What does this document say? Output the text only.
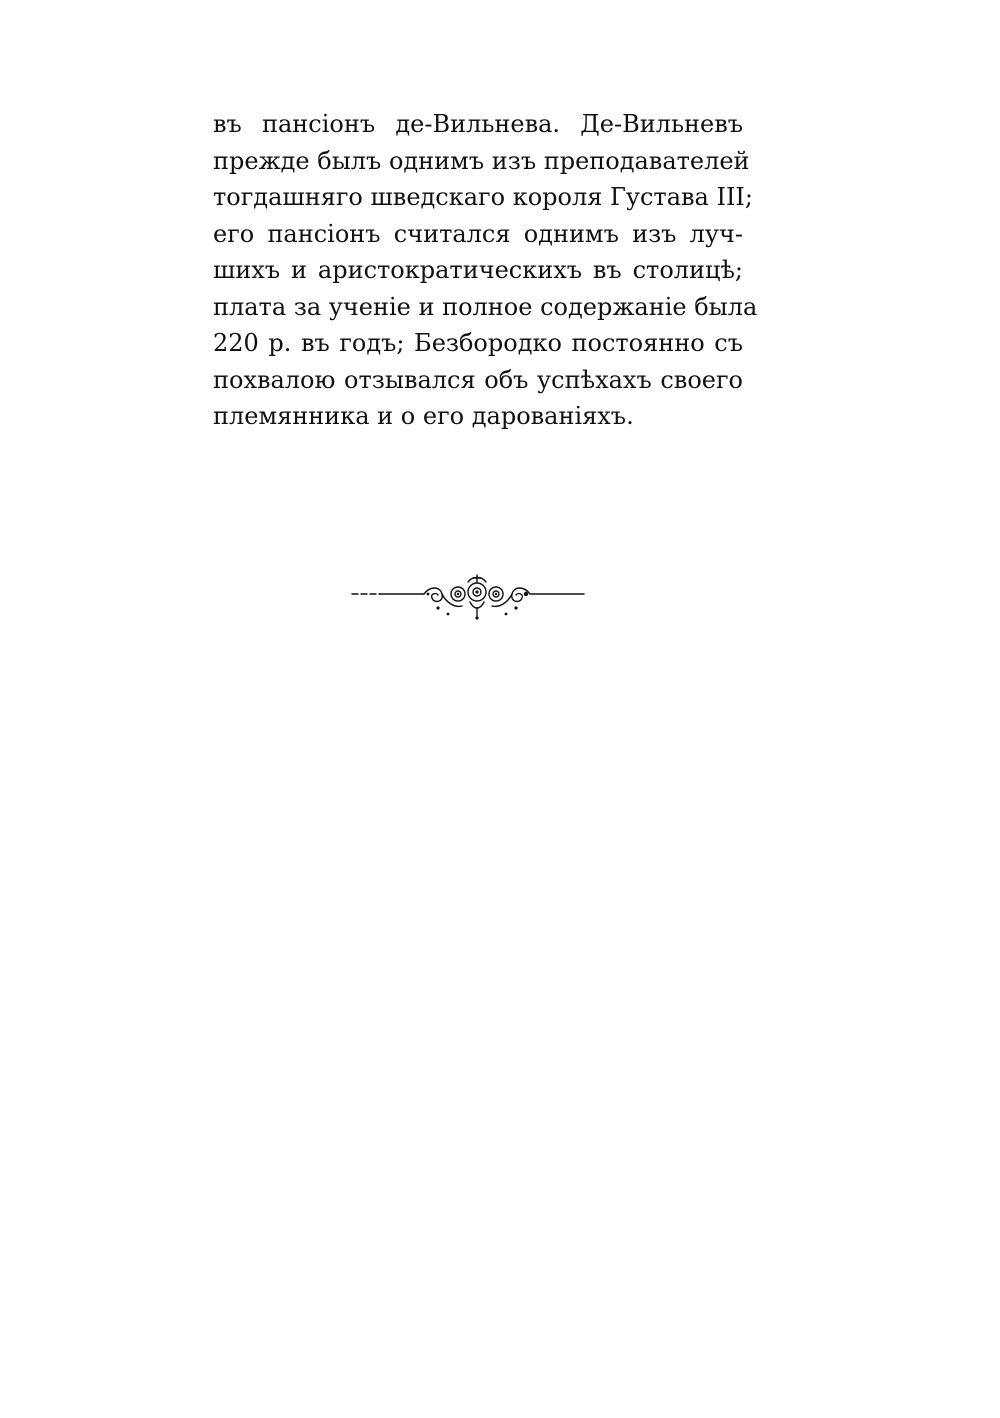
въ пансіонъ де-Вильнева. Де-Вильневъ
прежде былъ однимъ изъ преподавателей
тогдашняго шведскаго короля Густава III;
его пансіонъ считался однимъ изъ луч-
шихъ и аристократическихъ въ столицѣ;
плата за ученіе и полное содержаніе была
220 р. въ годъ; Безбородко постоянно съ
похвалою отзывался объ успѣхахъ своего
племянника и о его дарованіяхъ.
